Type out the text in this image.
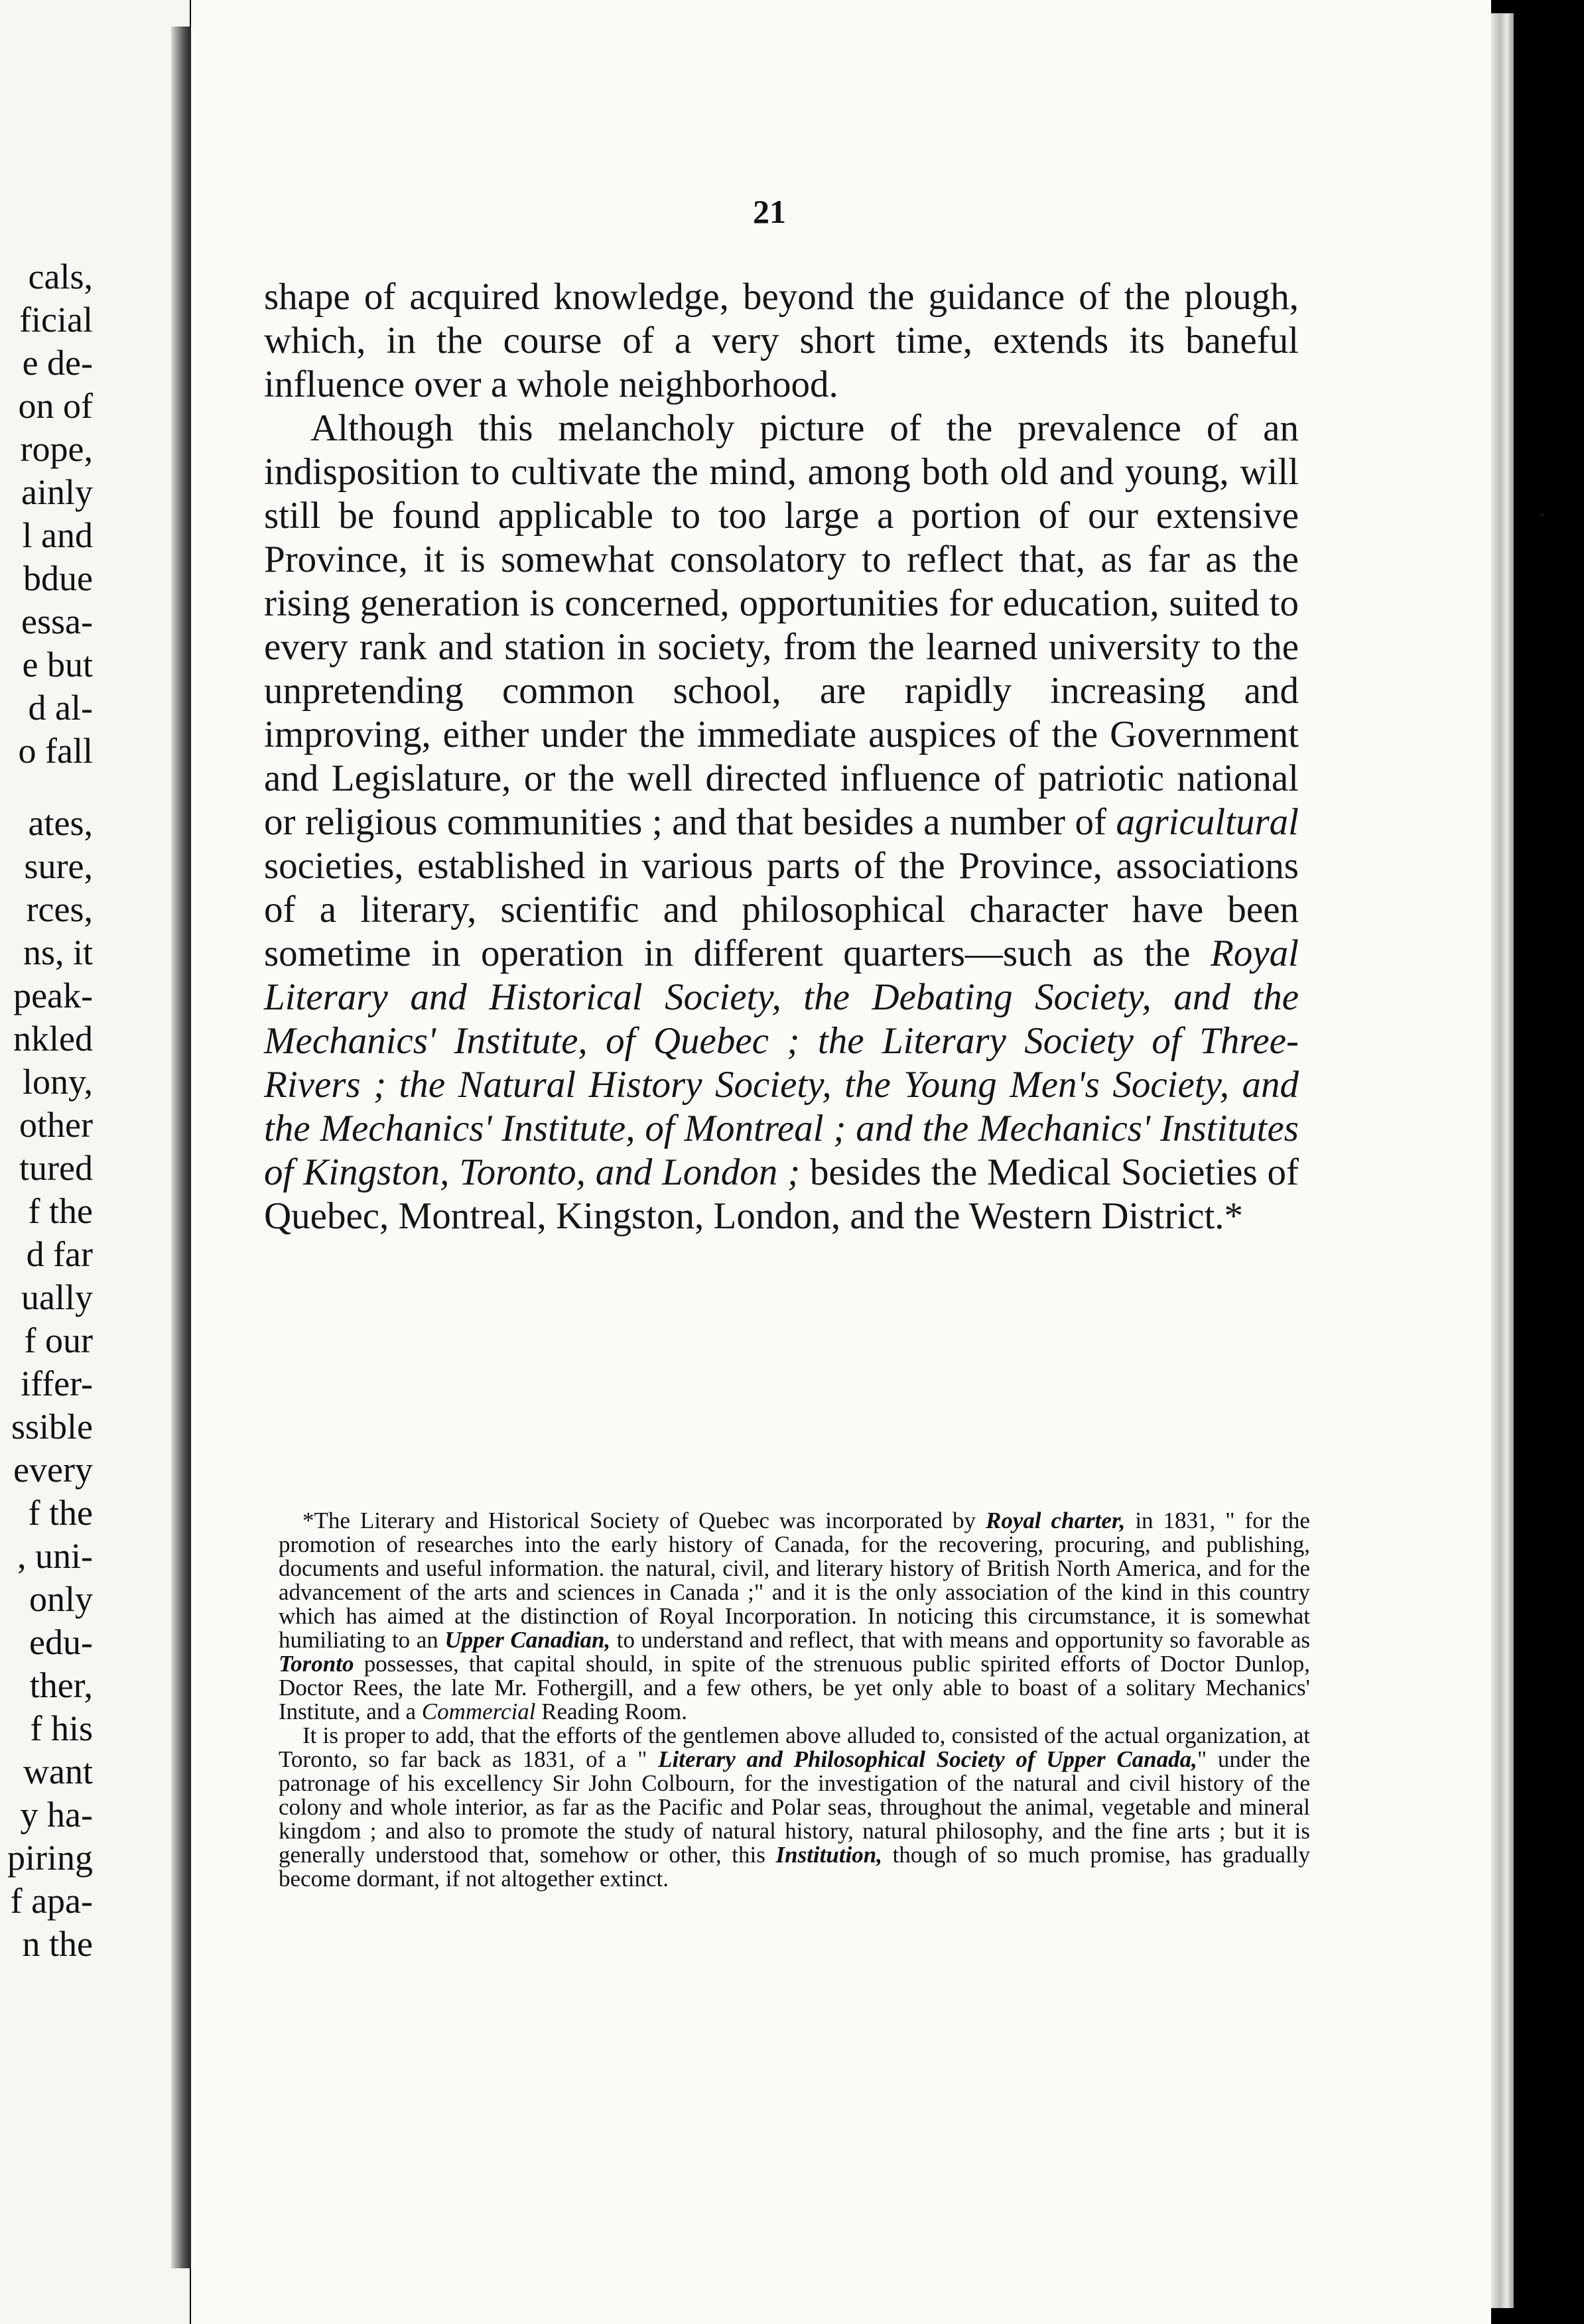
cals,
ficial
e de-
on of
rope,
ainly
l and
bdue
essa-
e but
d al-
o fall
ates,
sure,
rces,
ns, it
peak-
nkled
lony,
other
tured
f the
d far
ually
f our
iffer-
ssible
every
f the
, uni-
only
edu-
ther,
f his
want
y ha-
piring
f apa-
n the
21
·

shape of acquired knowledge, beyond the guidance of the plough, which, in the course of a very short time, extends its baneful influence over a whole neighborhood.

Although this melancholy picture of the prevalence of an indisposition to cultivate the mind, among both old and young, will still be found applicable to too large a portion of our extensive Province, it is somewhat consolatory to reflect that, as far as the rising generation is concerned, opportunities for education, suited to every rank and station in society, from the learned university to the unpretending common school, are rapidly increasing and improving, either under the immediate auspices of the Government and Legislature, or the well directed influence of patriotic national or religious communities ; and that besides a number of agricultural societies, established in various parts of the Province, associations of a literary, scientific and philosophical character have been sometime in operation in different quarters—such as the Royal Literary and Historical Society, the Debating Society, and the Mechanics' Institute, of Quebec ; the Literary Society of Three-Rivers ; the Natural History Society, the Young Men's Society, and the Mechanics' Institute, of Montreal ; and the Mechanics' Institutes of Kingston, Toronto, and London ; besides the Medical Societies of Quebec, Montreal, Kingston, London, and the Western District.*

*The Literary and Historical Society of Quebec was incorporated by Royal charter, in 1831, " for the promotion of researches into the early history of Canada, for the recovering, procuring, and publishing, documents and useful information. the natural, civil, and literary history of British North America, and for the advancement of the arts and sciences in Canada ;" and it is the only association of the kind in this country which has aimed at the distinction of Royal Incorporation. In noticing this circumstance, it is somewhat humiliating to an Upper Canadian, to understand and reflect, that with means and opportunity so favorable as Toronto possesses, that capital should, in spite of the strenuous public spirited efforts of Doctor Dunlop, Doctor Rees, the late Mr. Fothergill, and a few others, be yet only able to boast of a solitary Mechanics' Institute, and a Commercial Reading Room.

It is proper to add, that the efforts of the gentlemen above alluded to, consisted of the actual organization, at Toronto, so far back as 1831, of a " Literary and Philosophical Society of Upper Canada," under the patronage of his excellency Sir John Colbourn, for the investigation of the natural and civil history of the colony and whole interior, as far as the Pacific and Polar seas, throughout the animal, vegetable and mineral kingdom ; and also to promote the study of natural history, natural philosophy, and the fine arts ; but it is generally understood that, somehow or other, this Institution, though of so much promise, has gradually become dormant, if not altogether extinct.
